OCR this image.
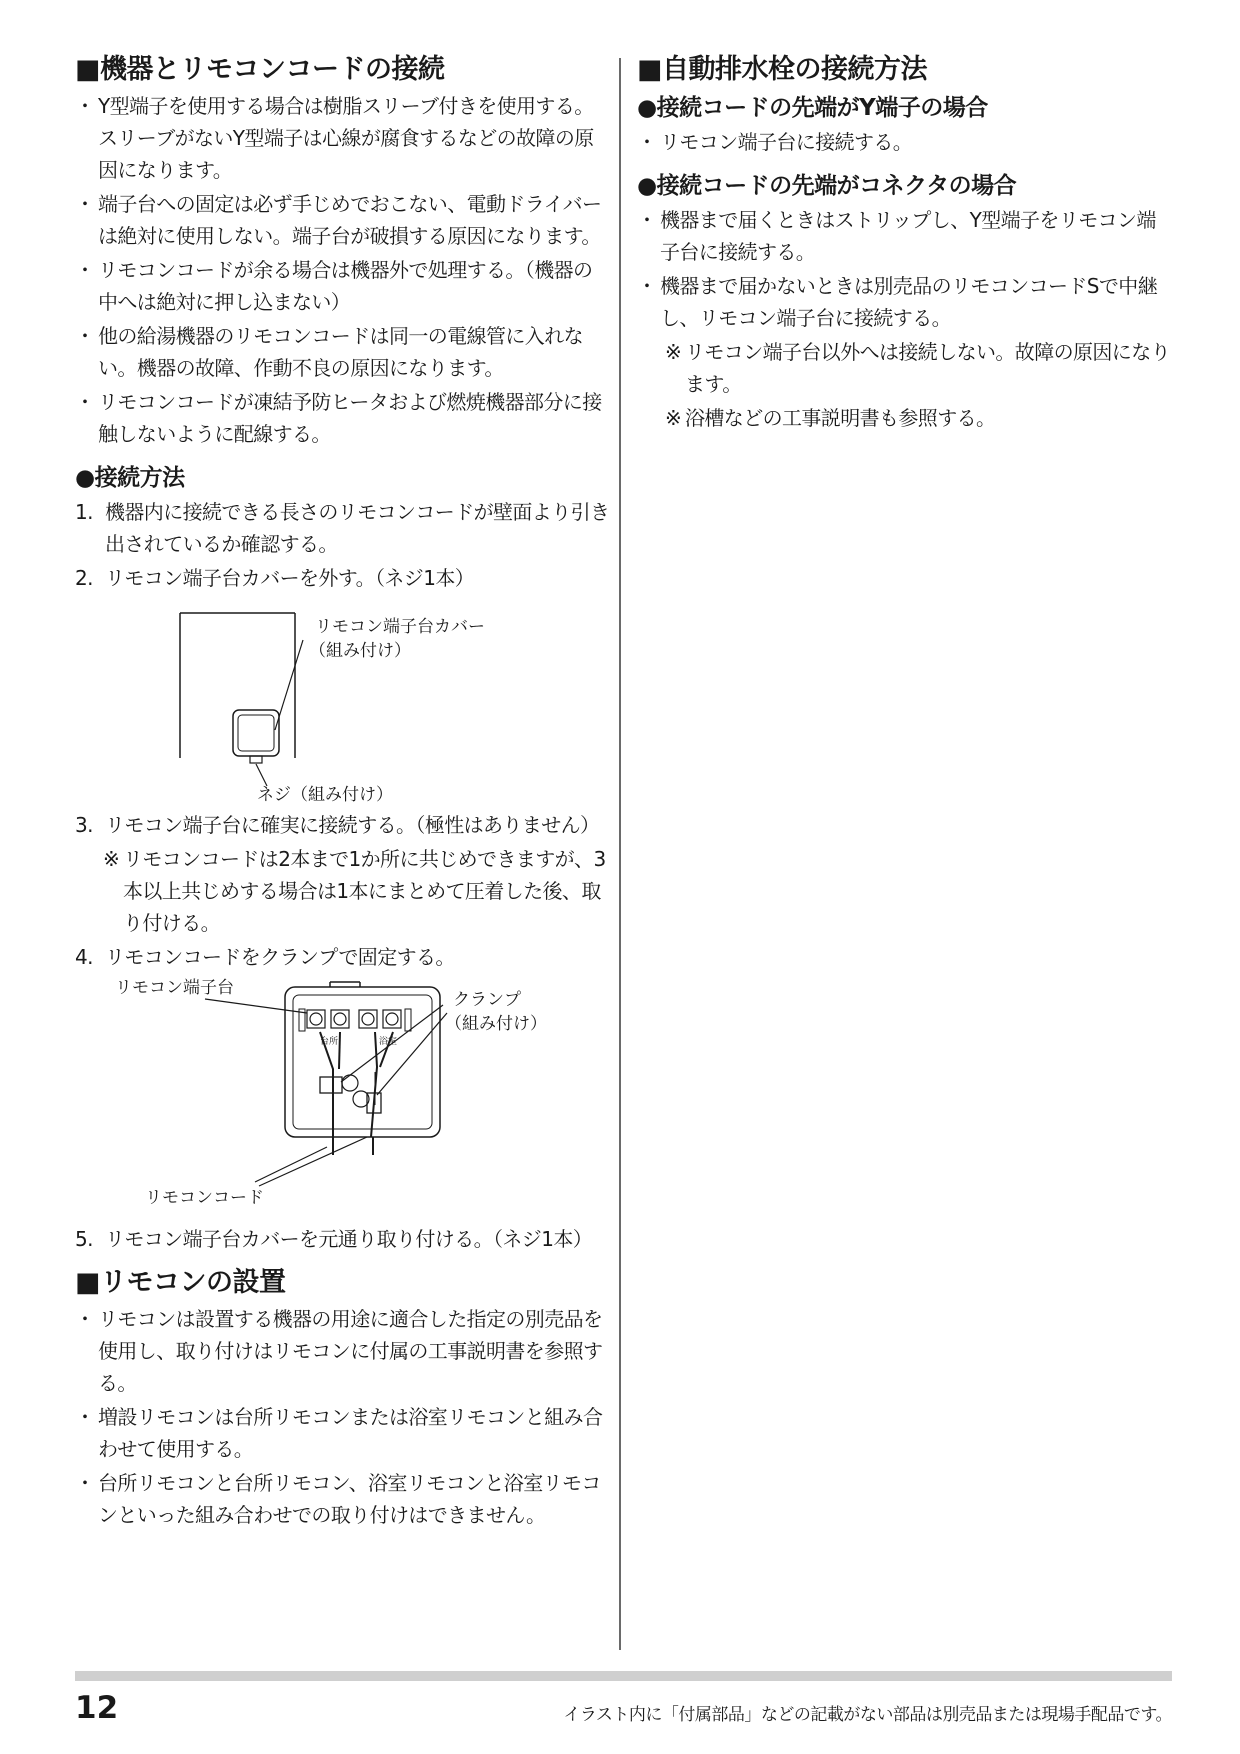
■機器とリモコンコードの接続
・ Y型端子を使用する場合は樹脂スリーブ付きを使用する。スリーブがないY型端子は心線が腐食するなどの故障の原因になります。
・ 端子台への固定は必ず手じめでおこない、電動ドライバーは絶対に使用しない。端子台が破損する原因になります。
・ リモコンコードが余る場合は機器外で処理する。（機器の中へは絶対に押し込まない）
・ 他の給湯機器のリモコンコードは同一の電線管に入れない。機器の故障、作動不良の原因になります。
・ リモコンコードが凍結予防ヒータおよび燃焼機器部分に接触しないように配線する。
●接続方法
1. 機器内に接続できる長さのリモコンコードが壁面より引き出されているか確認する。
2. リモコン端子台カバーを外す。（ネジ1本）
リモコン端子台カバー
（組み付け）
ネジ（組み付け）
3. リモコン端子台に確実に接続する。（極性はありません）
※ リモコンコードは2本まで1か所に共じめできますが、3本以上共じめする場合は1本にまとめて圧着した後、取り付ける。
4. リモコンコードをクランプで固定する。
台所	浴室
リモコン端子台
クランプ
（組み付け）
リモコンコード
5. リモコン端子台カバーを元通り取り付ける。（ネジ1本）
■リモコンの設置
・ リモコンは設置する機器の用途に適合した指定の別売品を使用し、取り付けはリモコンに付属の工事説明書を参照する。
・ 増設リモコンは台所リモコンまたは浴室リモコンと組み合わせて使用する。
・ 台所リモコンと台所リモコン、浴室リモコンと浴室リモコンといった組み合わせでの取り付けはできません。
■自動排水栓の接続方法
●接続コードの先端がY端子の場合
・ リモコン端子台に接続する。
●接続コードの先端がコネクタの場合
・ 機器まで届くときはストリップし、Y型端子をリモコン端子台に接続する。
・ 機器まで届かないときは別売品のリモコンコードSで中継し、リモコン端子台に接続する。
※ リモコン端子台以外へは接続しない。故障の原因になります。
※ 浴槽などの工事説明書も参照する。
12	イラスト内に「付属部品」などの記載がない部品は別売品または現場手配品です。
